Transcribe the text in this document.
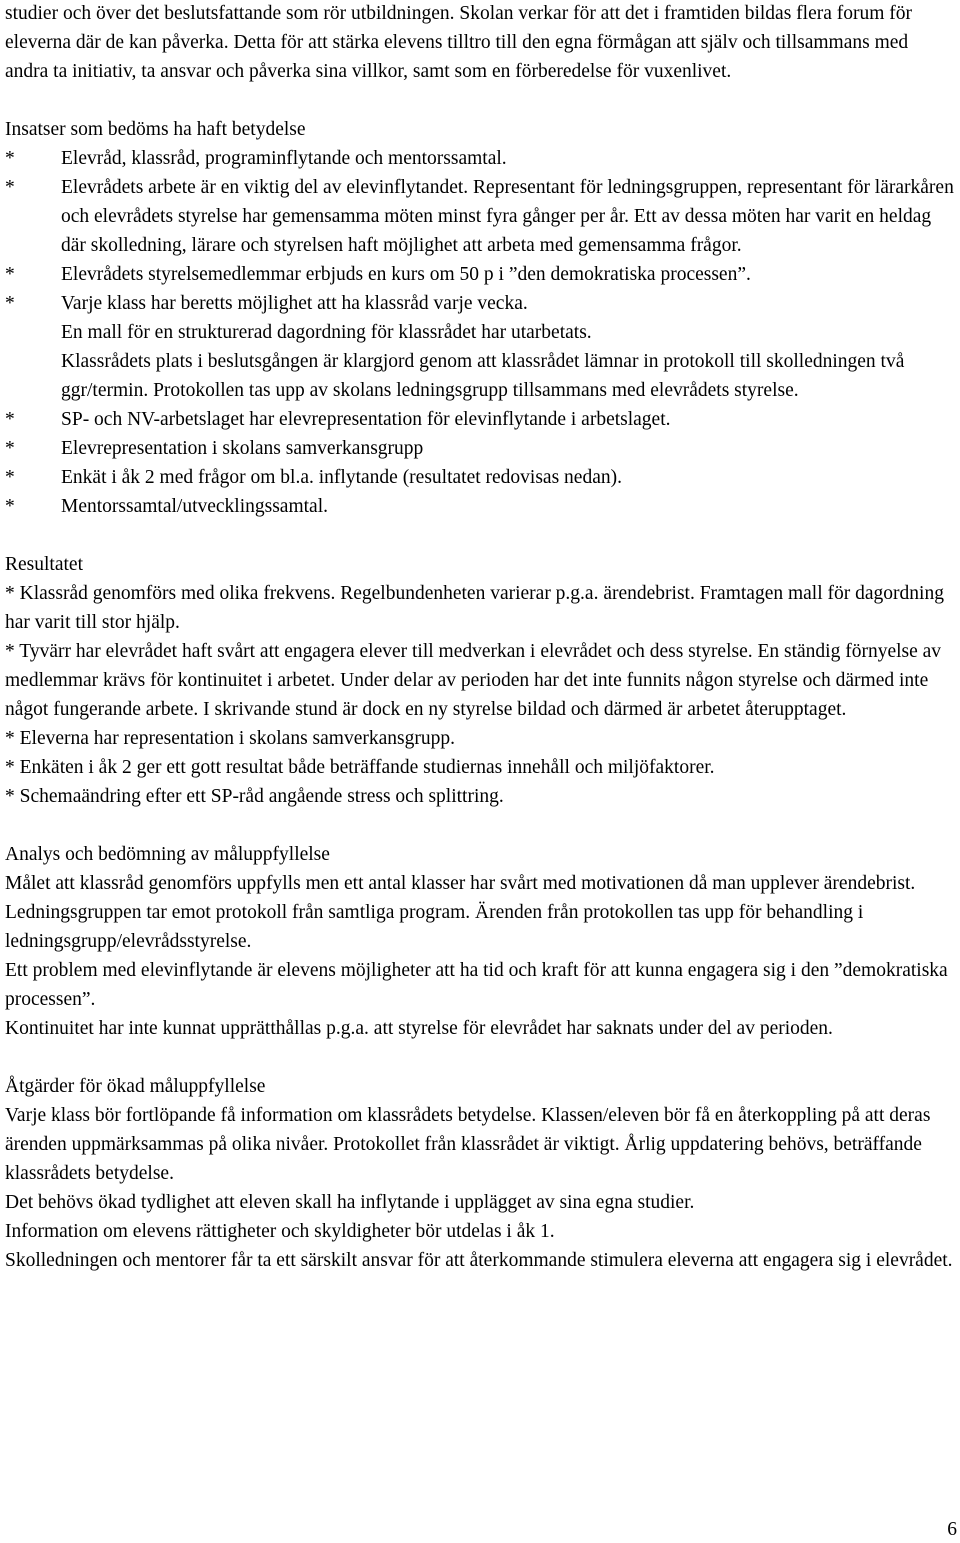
studier och över det beslutsfattande som rör utbildningen. Skolan verkar för att det i framtiden bildas flera forum för eleverna där de kan påverka. Detta för att stärka elevens tilltro till den egna förmågan att själv och tillsammans med andra ta initiativ, ta ansvar och påverka sina villkor, samt som en förberedelse för vuxenlivet.

Insatser som bedöms ha haft betydelse

*	Elevråd, klassråd, programinflytande och mentorssamtal.
*	Elevrådets arbete är en viktig del av elevinflytandet. Representant för ledningsgruppen, representant för lärarkåren och elevrådets styrelse har gemensamma möten minst fyra gånger per år. Ett av dessa möten har varit en heldag där skolledning, lärare och styrelsen haft möjlighet att arbeta med gemensamma frågor.
*	Elevrådets styrelsemedlemmar erbjuds en kurs om 50 p i ”den demokratiska processen”.
*	Varje klass har beretts möjlighet att ha klassråd varje vecka.

En mall för en strukturerad dagordning för klassrådet har utarbetats.

Klassrådets plats i beslutsgången är klargjord genom att klassrådet lämnar in protokoll till skolledningen två ggr/termin. Protokollen tas upp av skolans ledningsgrupp tillsammans med elevrådets styrelse.

*	SP- och NV-arbetslaget har elevrepresentation för elevinflytande i arbetslaget.
*	Elevrepresentation i skolans samverkansgrupp
*	Enkät i åk 2 med frågor om bl.a. inflytande (resultatet redovisas nedan).
*	Mentorssamtal/utvecklingssamtal.

Resultatet

* Klassråd genomförs med olika frekvens. Regelbundenheten varierar p.g.a. ärendebrist. Framtagen mall för dagordning har varit till stor hjälp.

* Tyvärr har elevrådet haft svårt att engagera elever till medverkan i elevrådet och dess styrelse. En ständig förnyelse av medlemmar krävs för kontinuitet i arbetet. Under delar av perioden har det inte funnits någon styrelse och därmed inte något fungerande arbete. I skrivande stund är dock en ny styrelse bildad och därmed är arbetet återupptaget.

* Eleverna har representation i skolans samverkansgrupp.

* Enkäten i åk 2 ger ett gott resultat både beträffande studiernas innehåll och miljöfaktorer.

* Schemaändring efter ett SP-råd angående stress och splittring.

Analys och bedömning av måluppfyllelse

Målet att klassråd genomförs uppfylls men ett antal klasser har svårt med motivationen då man upplever ärendebrist.

Ledningsgruppen tar emot protokoll från samtliga program. Ärenden från protokollen tas upp för behandling i ledningsgrupp/elevrådsstyrelse.

Ett problem med elevinflytande är elevens möjligheter att ha tid och kraft för att kunna engagera sig i den ”demokratiska processen”.

Kontinuitet har inte kunnat upprätthållas p.g.a. att styrelse för elevrådet har saknats under del av perioden.

Åtgärder för ökad måluppfyllelse

Varje klass bör fortlöpande få information om klassrådets betydelse. Klassen/eleven bör få en återkoppling på att deras ärenden uppmärksammas på olika nivåer. Protokollet från klassrådet är viktigt. Årlig uppdatering behövs, beträffande klassrådets betydelse.

Det behövs ökad tydlighet att eleven skall ha inflytande i upplägget av sina egna studier.

Information om elevens rättigheter och skyldigheter bör utdelas i åk 1.

Skolledningen och mentorer får ta ett särskilt ansvar för att återkommande stimulera eleverna att engagera sig i elevrådet.

6
